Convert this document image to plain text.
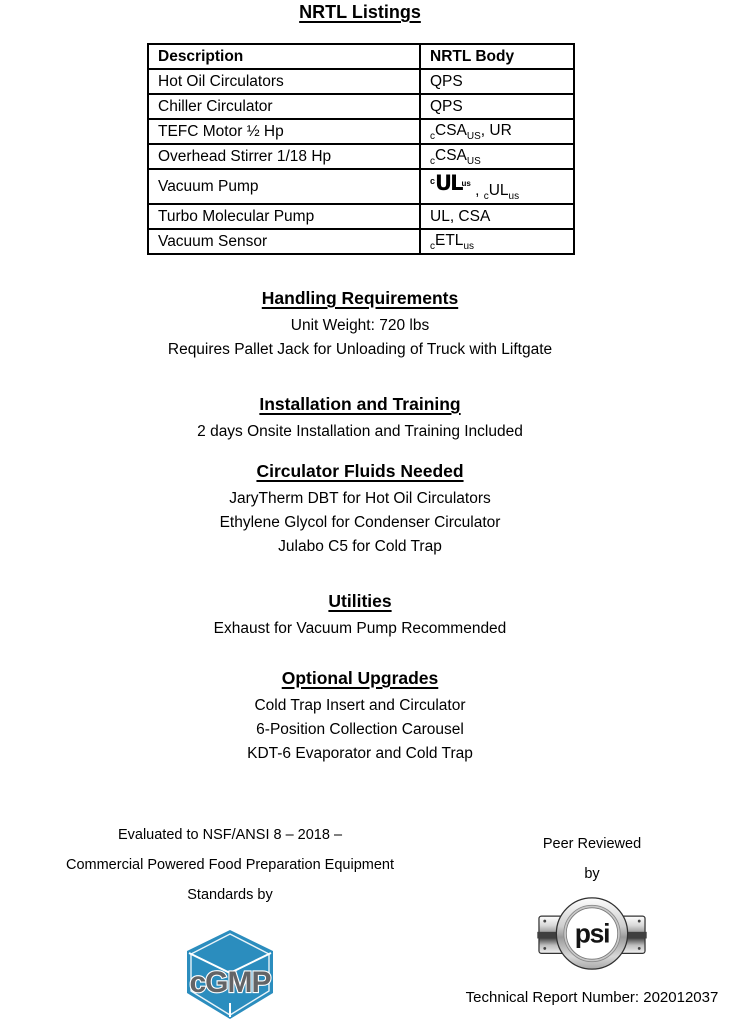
NRTL Listings
Description	NRTL Body
Hot Oil Circulators	QPS
Chiller Circulator	QPS
TEFC Motor ½ Hp	$_cCSA_{US}$, UR
Overhead Stirrer 1/18 Hp	$_cCSA_{US}$
Vacuum Pump	$^cUL^{us}$ , $_cUL_{us}$
Turbo Molecular Pump	UL, CSA
Vacuum Sensor	$_cETL_{us}$
Handling Requirements

Unit Weight: 720 lbs

Requires Pallet Jack for Unloading of Truck with Liftgate

Installation and Training

2 days Onsite Installation and Training Included

Circulator Fluids Needed

JaryTherm DBT for Hot Oil Circulators

Ethylene Glycol for Condenser Circulator

Julabo C5 for Cold Trap

Utilities

Exhaust for Vacuum Pump Recommended

Optional Upgrades

Cold Trap Insert and Circulator

6-Position Collection Carousel

KDT-6 Evaporator and Cold Trap

Evaluated to NSF/ANSI 8 – 2018 –

Commercial Powered Food Preparation Equipment

Standards by

cGMP

Peer Reviewed

by

psi

Technical Report Number: 202012037
